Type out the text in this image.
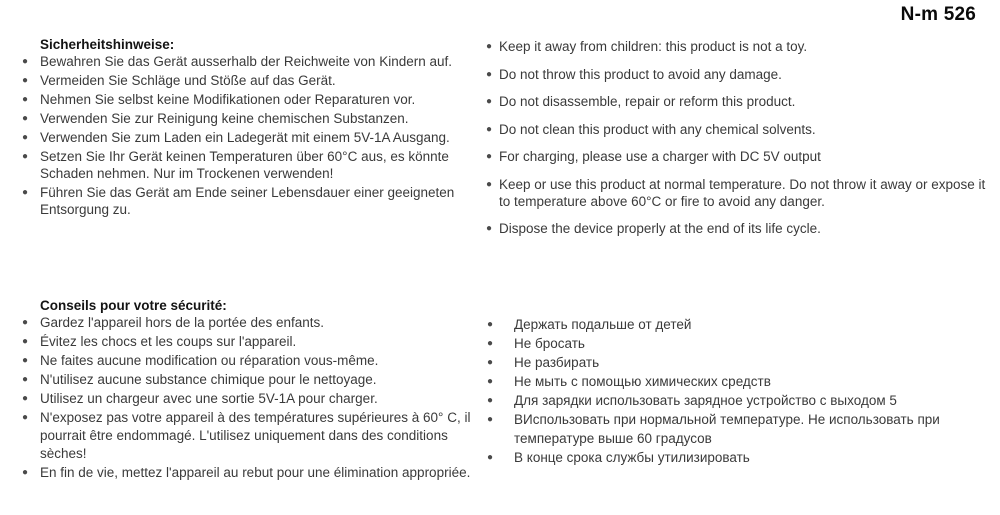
N-m 526
Sicherheitshinweise:
● Bewahren Sie das Gerät ausserhalb der Reichweite von Kindern auf.
● Vermeiden Sie Schläge und Stöße auf das Gerät.
● Nehmen Sie selbst keine Modifikationen oder Reparaturen vor.
● Verwenden Sie zur Reinigung keine chemischen Substanzen.
● Verwenden Sie zum Laden ein Ladegerät mit einem 5V-1A Ausgang.
● Setzen Sie Ihr Gerät keinen Temperaturen über 60°C aus, es könnte Schaden nehmen. Nur im Trockenen verwenden!
● Führen Sie das Gerät am Ende seiner Lebensdauer einer geeigneten Entsorgung zu.
● Keep it away from children: this product is not a toy.
● Do not throw this product to avoid any damage.
● Do not disassemble, repair or reform this product.
● Do not clean this product with any chemical solvents.
● For charging, please use a charger with DC 5V output
● Keep or use this product at normal temperature. Do not throw it away or expose it to temperature above 60°C or fire to avoid any danger.
● Dispose the device properly at the end of its life cycle.
Conseils pour votre sécurité:
● Gardez l'appareil hors de la portée des enfants.
● Évitez les chocs et les coups sur l'appareil.
● Ne faites aucune modification ou réparation vous-même.
● N'utilisez aucune substance chimique pour le nettoyage.
● Utilisez un chargeur avec une sortie 5V-1A pour charger.
● N'exposez pas votre appareil à des températures supérieures à 60° C, il pourrait être endommagé. L'utilisez uniquement dans des conditions sèches!
● En fin de vie, mettez l'appareil au rebut pour une élimination appropriée.
●	Держать подальше от детей
●	Не бросать
●	Не разбирать
●	Не мыть с помощью химических средств
●	Для зарядки использовать зарядное устройство с выходом 5
●	ВИспользовать при нормальной температуре. Не использовать при температуре выше 60 градусов
●	В конце срока службы утилизировать
